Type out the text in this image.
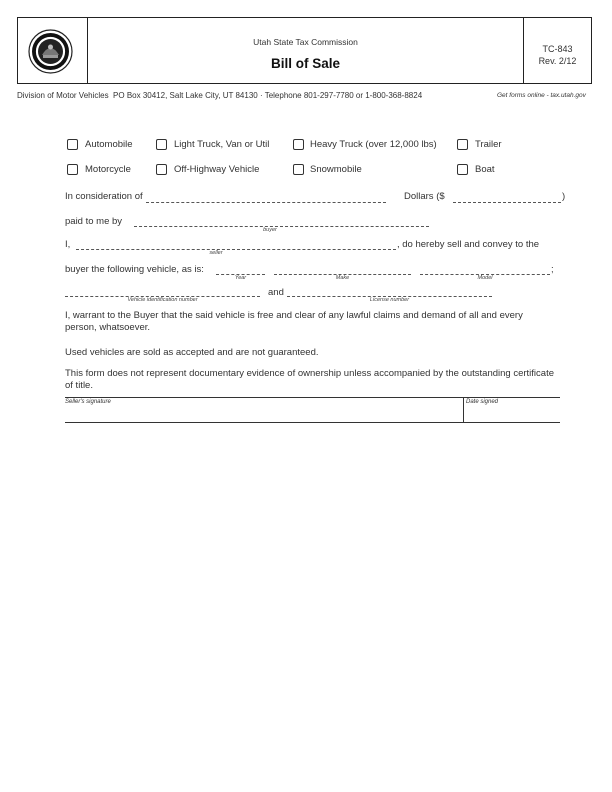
Utah State Tax Commission
Bill of Sale
TC-843
Rev. 2/12
Division of Motor Vehicles PO Box 30412, Salt Lake City, UT 84130 · Telephone 801-297-7780 or 1-800-368-8824	Get forms online - tax.utah.gov
Automobile	Light Truck, Van or Util	Heavy Truck (over 12,000 lbs)	Trailer
Motorcycle	Off-Highway Vehicle	Snowmobile	Boat
In consideration of	Dollars ($	)
paid to me by
buyer
I,
seller
, do hereby sell and convey to the
buyer the following vehicle, as is:
Year	Make	Model
;
Vehicle identification number
and
License number
I, warrant to the Buyer that the said vehicle is free and clear of any lawful claims and demand of all and every person, whatsoever.
Used vehicles are sold as accepted and are not guaranteed.
This form does not represent documentary evidence of ownership unless accompanied by the outstanding certificate of title.
Seller's signature	Date signed
